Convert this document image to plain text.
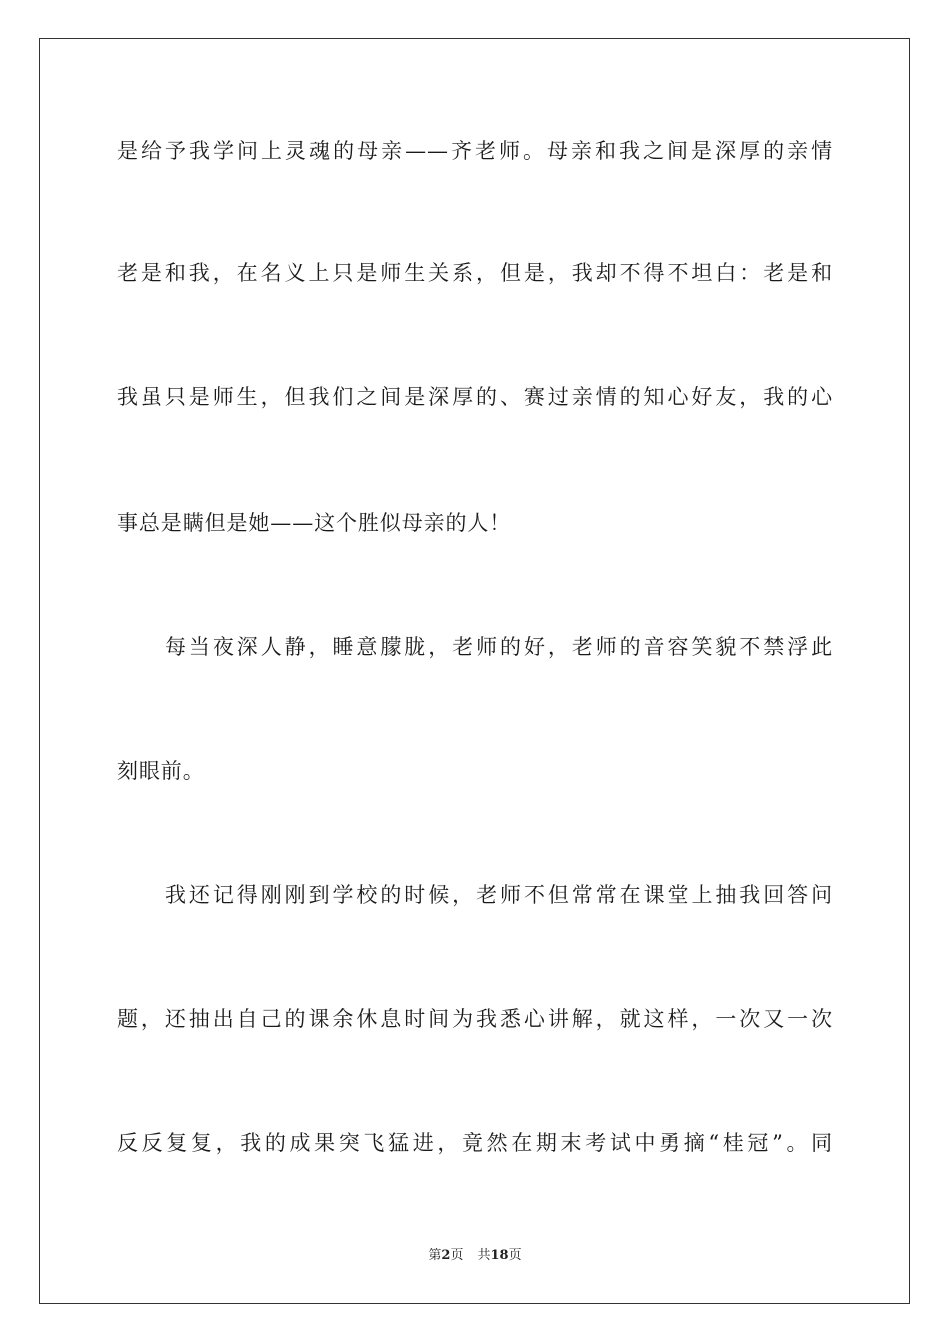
是给予我学问上灵魂的母亲——齐老师。母亲和我之间是深厚的亲情
老是和我，在名义上只是师生关系，但是，我却不得不坦白：老是和
我虽只是师生，但我们之间是深厚的、赛过亲情的知心好友，我的心
事总是瞒但是她——这个胜似母亲的人！
每当夜深人静，睡意朦胧，老师的好，老师的音容笑貌不禁浮此
刻眼前。
我还记得刚刚到学校的时候，老师不但常常在课堂上抽我回答问
题，还抽出自己的课余休息时间为我悉心讲解，就这样，一次又一次
反反复复，我的成果突飞猛进，竟然在期末考试中勇摘“桂冠”。同
第2页 共18页
